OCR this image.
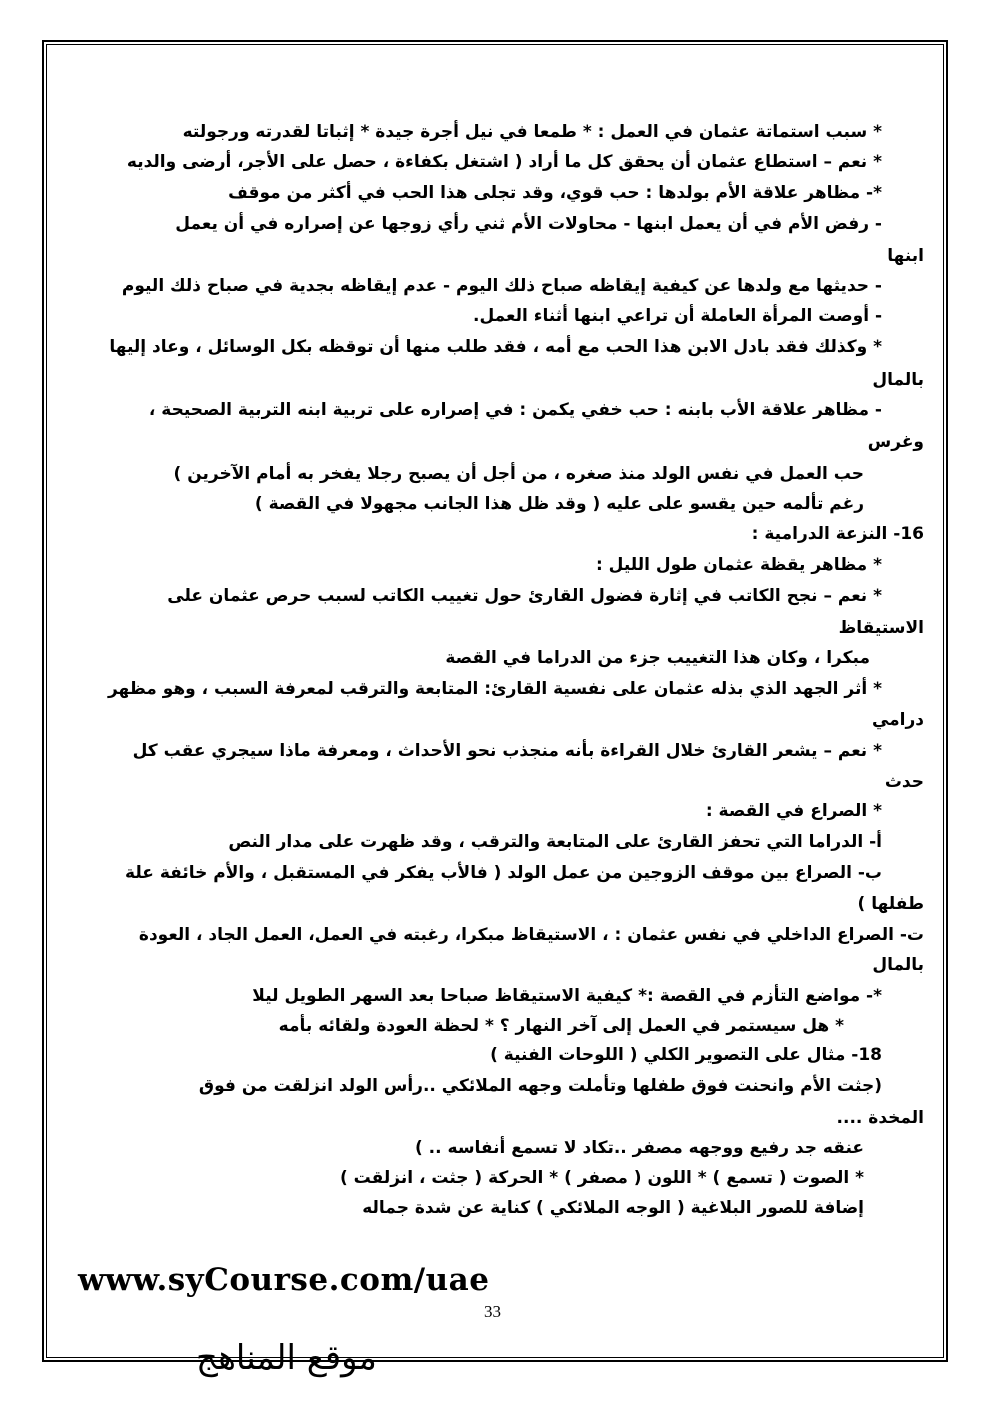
* سبب استماتة عثمان في العمل : * طمعا في نيل أجرة جيدة * إثباتا لقدرته ورجولته
* نعم – استطاع عثمان أن يحقق كل ما أراد ( اشتغل بكفاءة ، حصل على الأجر، أرضى والديه
*- مظاهر علاقة الأم بولدها : حب قوي، وقد تجلى هذا الحب في أكثر من موقف
- رفض الأم في أن يعمل ابنها - محاولات الأم ثني رأي زوجها عن إصراره في أن يعمل
ابنها
- حديثها مع ولدها عن كيفية إيقاظه صباح ذلك اليوم - عدم إيقاظه بجدية في صباح ذلك اليوم
- أوصت المرأة العاملة أن تراعي ابنها أثناء العمل.
* وكذلك فقد بادل الابن هذا الحب مع أمه ، فقد طلب منها أن توقظه بكل الوسائل ، وعاد إليها
بالمال
- مظاهر علاقة الأب بابنه : حب خفي يكمن : في إصراره على تربية ابنه التربية الصحيحة ،
وغرس
حب العمل في نفس الولد منذ صغره ، من أجل أن يصبح رجلا يفخر به أمام الآخرين )
رغم تألمه حين يقسو على عليه ( وقد ظل هذا الجانب مجهولا في القصة )
16- النزعة الدرامية :
* مظاهر يقظة عثمان طول الليل :
* نعم – نجح الكاتب في إثارة فضول القارئ حول تغييب الكاتب لسبب حرص عثمان على
الاستيقاظ
مبكرا ، وكان هذا التغييب جزء من الدراما في القصة
* أثر الجهد الذي بذله عثمان على نفسية القارئ: المتابعة والترقب لمعرفة السبب ، وهو مظهر
درامي
* نعم – يشعر القارئ خلال القراءة بأنه منجذب نحو الأحداث ، ومعرفة ماذا سيجري عقب كل
حدث
* الصراع في القصة :
أ- الدراما التي تحفز القارئ على المتابعة والترقب ، وقد ظهرت على مدار النص
ب- الصراع بين موقف الزوجين من عمل الولد ( فالأب يفكر في المستقبل ، والأم خائفة علة
طفلها )
ت- الصراع الداخلي في نفس عثمان : ، الاستيقاظ مبكرا، رغبته في العمل، العمل الجاد ، العودة
بالمال
*- مواضع التأزم في القصة :* كيفية الاستيقاظ صباحا بعد السهر الطويل ليلا
* هل سيستمر في العمل إلى آخر النهار ؟ * لحظة العودة ولقائه بأمه
18- مثال على التصوير الكلي ( اللوحات الفنية )
(جثت الأم وانحنت فوق طفلها وتأملت وجهه الملائكي ..رأس الولد انزلقت من فوق
المخدة ....
عنقه جد رفيع ووجهه مصفر ..تكاد لا تسمع أنفاسه .. )
* الصوت ( تسمع ) * اللون ( مصفر ) * الحركة ( جثت ، انزلقت )
إضافة للصور البلاغية ( الوجه الملائكي ) كناية عن شدة جماله
www.syCourse.com/uae
33
موقع المناهج
